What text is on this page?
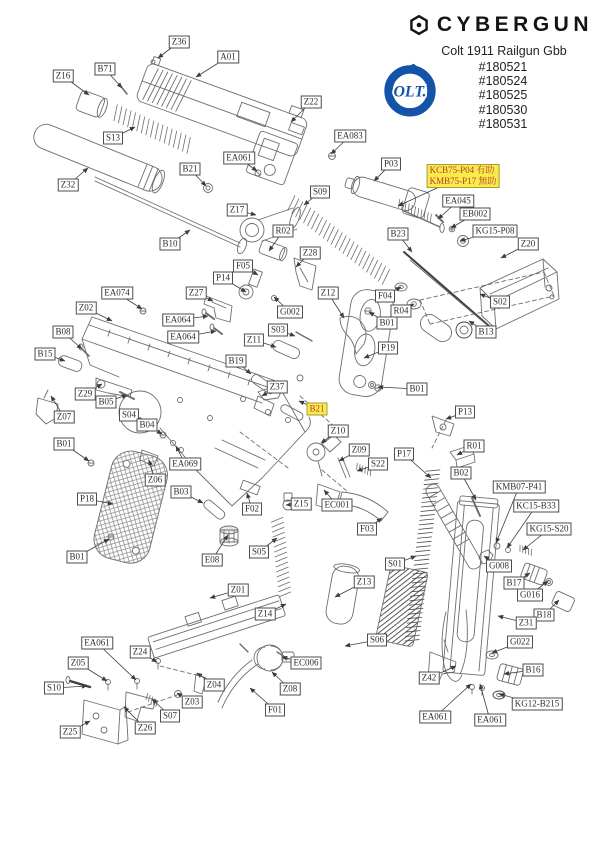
Z36
A01
B71
Z16
S13
Z22
EA083
EA061
B21
Z32
P03
KCB75-P04 有助
KMB75-P17 無助
S09
Z17
EA045
EB002
KG15-P08
Z20
B23
B10
R02
Z28
F05
P14
EA074	Z27
Z02	G002
Z12
EA064
EA064
S03
Z11
B08
B15
B19
P19
F04
S02
R04
B01
B13
B01
Z29
B05
Z37
S04
Z07
B04
B21
Z10
P13
R01
B01
Z09
S22
P17
B02
Z06
EA069
B03
F02	Z15 EC001
P18
KMB07-P41
KC15-B33
F03	KG15-S20
S05
E08	S01	G008
B17
G016
B01
Z13
B18
Z01
Z14
Z31
G022
S06
EA061
Z24
B16
Z05	EC006
Z42
Z04	Z08
KG12-B215
S10
Z03
S07
F01
EA061	EA061
Z25	Z26
CYBERGUN
Colt 1911 Railgun Gbb
#180521
#180524
#180525
#180530
#180531
OLT.
